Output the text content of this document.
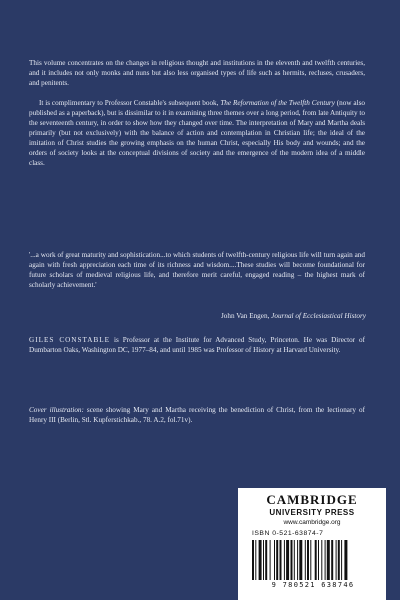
This volume concentrates on the changes in religious thought and institutions in the eleventh and twelfth centuries, and it includes not only monks and nuns but also less organised types of life such as hermits, recluses, crusaders, and penitents.
It is complimentary to Professor Constable's subsequent book, The Reformation of the Twelfth Century (now also published as a paperback), but is dissimilar to it in examining three themes over a long period, from late Antiquity to the seventeenth century, in order to show how they changed over time. The interpretation of Mary and Martha deals primarily (but not exclusively) with the balance of action and contemplation in Christian life; the ideal of the imitation of Christ studies the growing emphasis on the human Christ, especially His body and wounds; and the orders of society looks at the conceptual divisions of society and the emergence of the modern idea of a middle class.
'...a work of great maturity and sophistication...to which students of twelfth-century religious life will turn again and again with fresh appreciation each time of its richness and wisdom....These studies will become foundational for future scholars of medieval religious life, and therefore merit careful, engaged reading – the highest mark of scholarly achievement.'
John Van Engen, Journal of Ecclesiastical History
GILES CONSTABLE is Professor at the Institute for Advanced Study, Princeton. He was Director of Dumbarton Oaks, Washington DC, 1977–84, and until 1985 was Professor of History at Harvard University.
Cover illustration: scene showing Mary and Martha receiving the benediction of Christ, from the lectionary of Henry III (Berlin, Stl. Kupferstichkab., 78. A.2, fol.71v).
CAMBRIDGE
UNIVERSITY PRESS
www.cambridge.org
ISBN 0-521-63874-7
9 780521 638746
